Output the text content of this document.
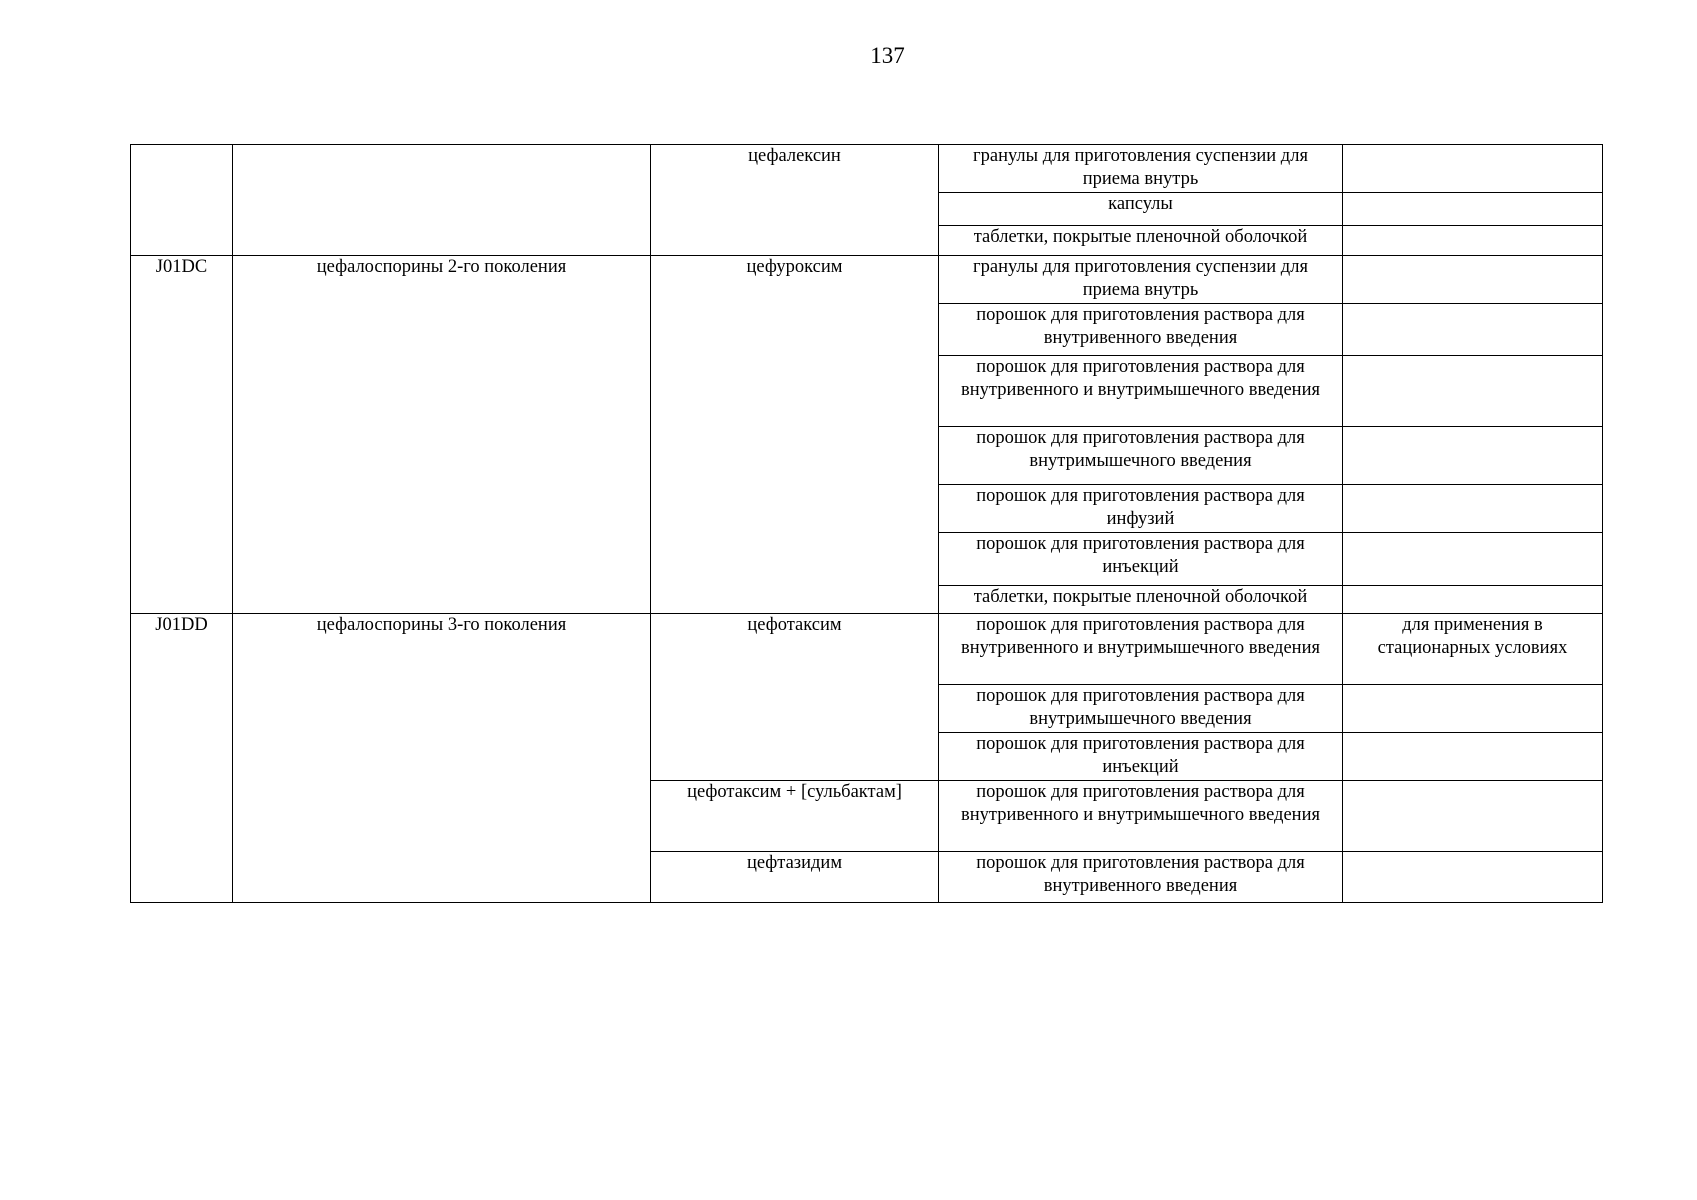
137
		цефалексин	гранулы для приготовления суспензии для приема внутрь	
			капсулы	
			таблетки, покрытые пленочной оболочкой	
J01DC	цефалоспорины 2-го поколения	цефуроксим	гранулы для приготовления суспензии для приема внутрь	
			порошок для приготовления раствора для внутривенного введения	
			порошок для приготовления раствора для внутривенного и внутримышечного введения	
			порошок для приготовления раствора для внутримышечного введения	
			порошок для приготовления раствора для инфузий	
			порошок для приготовления раствора для инъекций	
			таблетки, покрытые пленочной оболочкой	
J01DD	цефалоспорины 3-го поколения	цефотаксим	порошок для приготовления раствора для внутривенного и внутримышечного введения	для применения в стационарных условиях
			порошок для приготовления раствора для внутримышечного введения	
			порошок для приготовления раствора для инъекций	
		цефотаксим + [сульбактам]	порошок для приготовления раствора для внутривенного и внутримышечного введения	
		цефтазидим	порошок для приготовления раствора для внутривенного введения	
